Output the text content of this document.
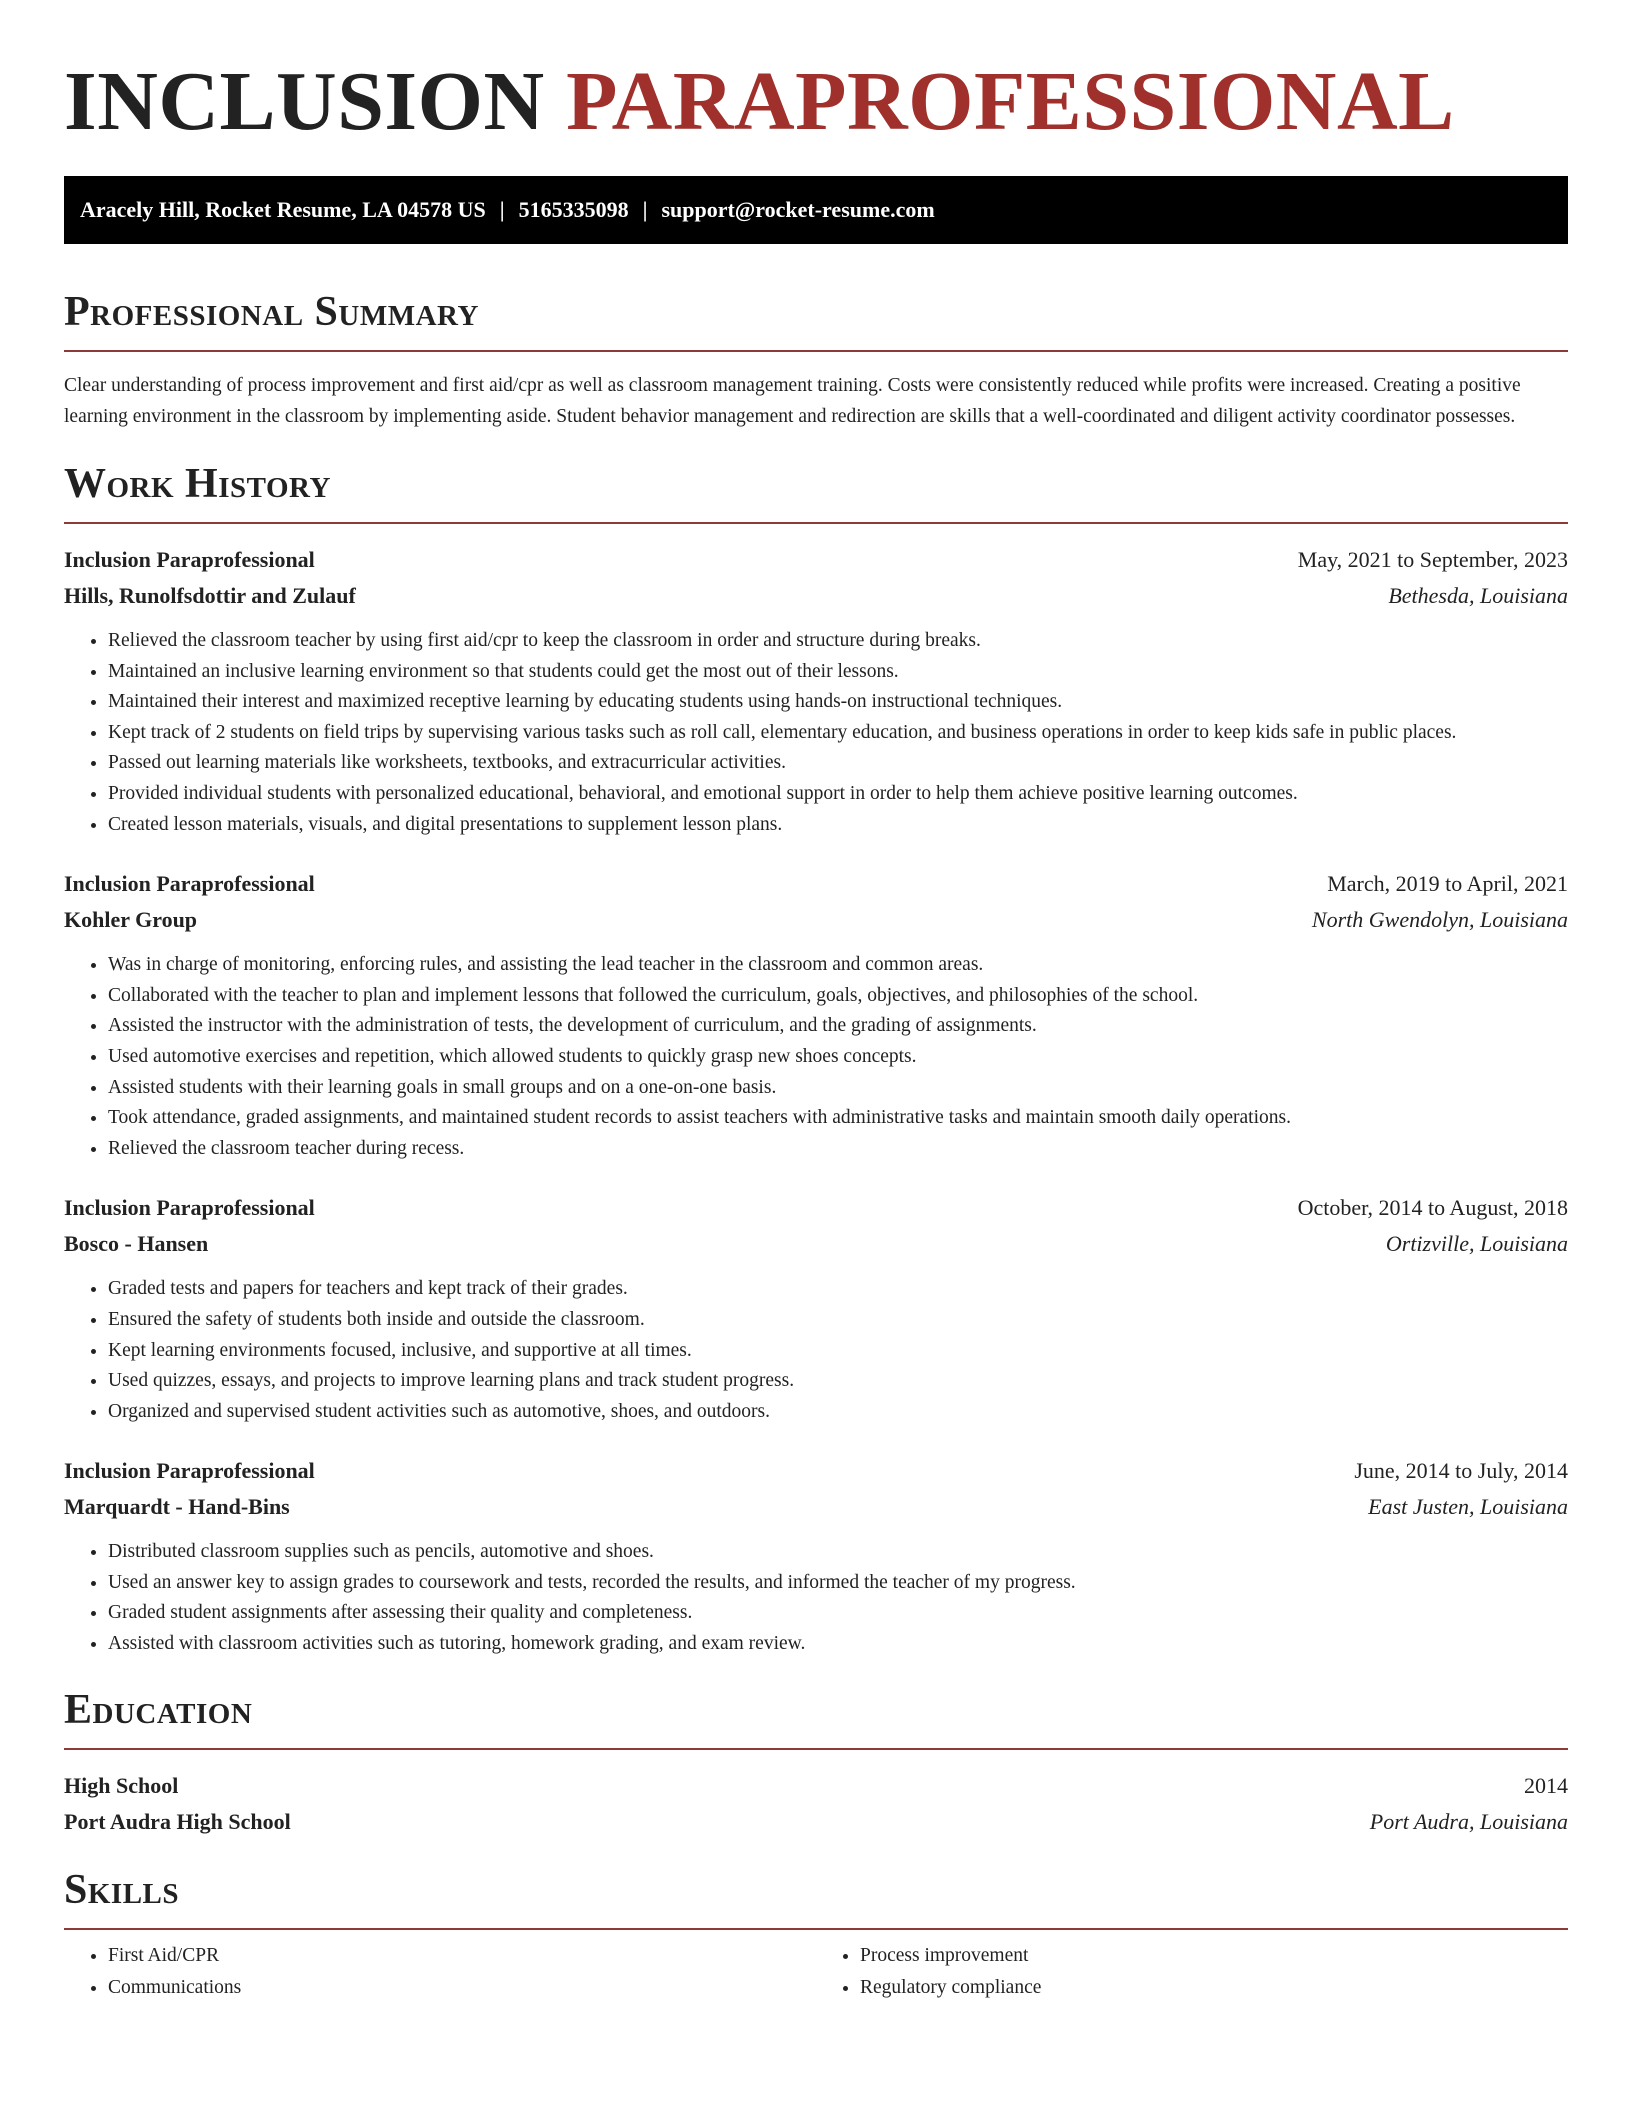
INCLUSION PARAPROFESSIONAL
Aracely Hill, Rocket Resume, LA 04578 US | 5165335098 | support@rocket-resume.com
Professional Summary

Clear understanding of process improvement and first aid/cpr as well as classroom management training. Costs were consistently reduced while profits were increased. Creating a positive learning environment in the classroom by implementing aside. Student behavior management and redirection are skills that a well-coordinated and diligent activity coordinator possesses.

Work History
Inclusion Paraprofessional	May, 2021 to September, 2023
Hills, Runolfsdottir and Zulauf	Bethesda, Louisiana
• Relieved the classroom teacher by using first aid/cpr to keep the classroom in order and structure during breaks.
• Maintained an inclusive learning environment so that students could get the most out of their lessons.
• Maintained their interest and maximized receptive learning by educating students using hands-on instructional techniques.
• Kept track of 2 students on field trips by supervising various tasks such as roll call, elementary education, and business operations in order to keep kids safe in public places.
• Passed out learning materials like worksheets, textbooks, and extracurricular activities.
• Provided individual students with personalized educational, behavioral, and emotional support in order to help them achieve positive learning outcomes.
• Created lesson materials, visuals, and digital presentations to supplement lesson plans.
Inclusion Paraprofessional	March, 2019 to April, 2021
Kohler Group	North Gwendolyn, Louisiana
• Was in charge of monitoring, enforcing rules, and assisting the lead teacher in the classroom and common areas.
• Collaborated with the teacher to plan and implement lessons that followed the curriculum, goals, objectives, and philosophies of the school.
• Assisted the instructor with the administration of tests, the development of curriculum, and the grading of assignments.
• Used automotive exercises and repetition, which allowed students to quickly grasp new shoes concepts.
• Assisted students with their learning goals in small groups and on a one-on-one basis.
• Took attendance, graded assignments, and maintained student records to assist teachers with administrative tasks and maintain smooth daily operations.
• Relieved the classroom teacher during recess.
Inclusion Paraprofessional	October, 2014 to August, 2018
Bosco - Hansen	Ortizville, Louisiana
• Graded tests and papers for teachers and kept track of their grades.
• Ensured the safety of students both inside and outside the classroom.
• Kept learning environments focused, inclusive, and supportive at all times.
• Used quizzes, essays, and projects to improve learning plans and track student progress.
• Organized and supervised student activities such as automotive, shoes, and outdoors.
Inclusion Paraprofessional	June, 2014 to July, 2014
Marquardt - Hand-Bins	East Justen, Louisiana
• Distributed classroom supplies such as pencils, automotive and shoes.
• Used an answer key to assign grades to coursework and tests, recorded the results, and informed the teacher of my progress.
• Graded student assignments after assessing their quality and completeness.
• Assisted with classroom activities such as tutoring, homework grading, and exam review.
Education
High School	2014
Port Audra High School	Port Audra, Louisiana
Skills
• First Aid/CPR
• Communications
• Process improvement
• Regulatory compliance
